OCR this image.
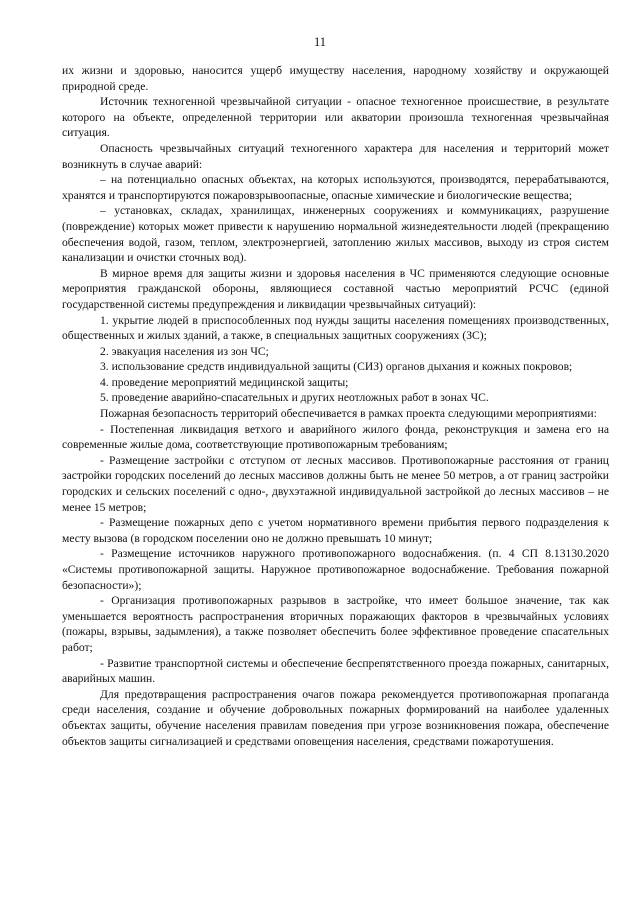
11

их жизни и здоровью, наносится ущерб имуществу населения, народному хозяйству и окружающей природной среде.

Источник техногенной чрезвычайной ситуации - опасное техногенное происшествие, в результате которого на объекте, определенной территории или акватории произошла техногенная чрезвычайная ситуация.

Опасность чрезвычайных ситуаций техногенного характера для населения и территорий может возникнуть в случае аварий:

– на потенциально опасных объектах, на которых используются, производятся, перерабатываются, хранятся и транспортируются пожаровзрывоопасные, опасные химические и биологические вещества;

– установках, складах, хранилищах, инженерных сооружениях и коммуникациях, разрушение (повреждение) которых может привести к нарушению нормальной жизнедеятельности людей (прекращению обеспечения водой, газом, теплом, электроэнергией, затоплению жилых массивов, выходу из строя систем канализации и очистки сточных вод).

В мирное время для защиты жизни и здоровья населения в ЧС применяются следующие основные мероприятия гражданской обороны, являющиеся составной частью мероприятий РСЧС (единой государственной системы предупреждения и ликвидации чрезвычайных ситуаций):

1. укрытие людей в приспособленных под нужды защиты населения помещениях производственных, общественных и жилых зданий, а также, в специальных защитных сооружениях (ЗС);

2. эвакуация населения из зон ЧС;

3. использование средств индивидуальной защиты (СИЗ) органов дыхания и кожных покровов;

4. проведение мероприятий медицинской защиты;

5. проведение аварийно-спасательных и других неотложных работ в зонах ЧС.

Пожарная безопасность территорий обеспечивается в рамках проекта следующими мероприятиями:

- Постепенная ликвидация ветхого и аварийного жилого фонда, реконструкция и замена его на современные жилые дома, соответствующие противопожарным требованиям;

- Размещение застройки с отступом от лесных массивов. Противопожарные расстояния от границ застройки городских поселений до лесных массивов должны быть не менее 50 метров, а от границ застройки городских и сельских поселений с одно-, двухэтажной индивидуальной застройкой до лесных массивов – не менее 15 метров;

- Размещение пожарных депо с учетом нормативного времени прибытия первого подразделения к месту вызова (в городском поселении оно не должно превышать 10 минут;

- Размещение источников наружного противопожарного водоснабжения. (п. 4 СП 8.13130.2020 «Системы противопожарной защиты. Наружное противопожарное водоснабжение. Требования пожарной безопасности»);

- Организация противопожарных разрывов в застройке, что имеет большое значение, так как уменьшается вероятность распространения вторичных поражающих факторов в чрезвычайных условиях (пожары, взрывы, задымления), а также позволяет обеспечить более эффективное проведение спасательных работ;

- Развитие транспортной системы и обеспечение беспрепятственного проезда пожарных, санитарных, аварийных машин.

Для предотвращения распространения очагов пожара рекомендуется противопожарная пропаганда среди населения, создание и обучение добровольных пожарных формирований на наиболее удаленных объектах защиты, обучение населения правилам поведения при угрозе возникновения пожара, обеспечение объектов защиты сигнализацией и средствами оповещения населения, средствами пожаротушения.
